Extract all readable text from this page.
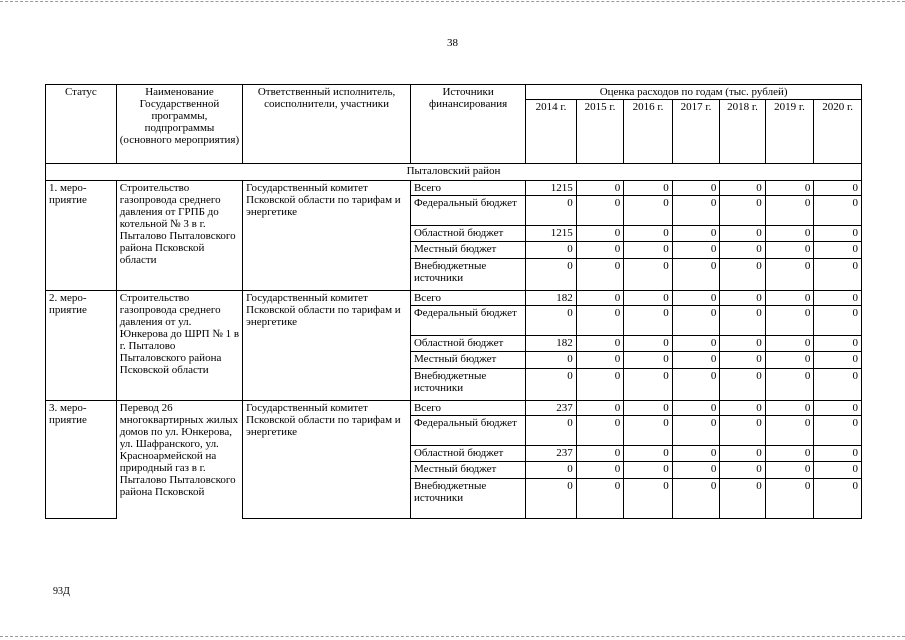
38
Статус	Наименование Государственной программы, подпрограммы (основного мероприятия)	Ответственный исполнитель, соисполнители, участники	Источники финансирования	Оценка расходов по годам (тыс. рублей)						
				2014 г.	2015 г.	2016 г.	2017 г.	2018 г.	2019 г.	2020 г.
Пыталовский район										
1. меро-приятие	Строительство газопровода среднего давления от ГРПБ до котельной № 3 в г. Пыталово Пыталовского района Псковской области	Государственный комитет Псковской области по тарифам и энергетике	Всего	1215	0	0	0	0	0	0
			Федеральный бюджет	0	0	0	0	0	0	0
			Областной бюджет	1215	0	0	0	0	0	0
			Местный бюджет	0	0	0	0	0	0	0
			Внебюджетные источники	0	0	0	0	0	0	0
2. меро-приятие	Строительство газопровода среднего давления от ул. Юнкерова до ШРП № 1 в г. Пыталово Пыталовского района Псковской области	Государственный комитет Псковской области по тарифам и энергетике	Всего	182	0	0	0	0	0	0
			Федеральный бюджет	0	0	0	0	0	0	0
			Областной бюджет	182	0	0	0	0	0	0
			Местный бюджет	0	0	0	0	0	0	0
			Внебюджетные источники	0	0	0	0	0	0	0
3. меро-приятие	Перевод 26 многоквартирных жилых домов по ул. Юнкерова, ул. Шафранского, ул. Красноармейской на природный газ в г. Пыталово Пыталовского района Псковской	Государственный комитет Псковской области по тарифам и энергетике	Всего	237	0	0	0	0	0	0
			Федеральный бюджет	0	0	0	0	0	0	0
			Областной бюджет	237	0	0	0	0	0	0
			Местный бюджет	0	0	0	0	0	0	0
			Внебюджетные источники	0	0	0	0	0	0	0
93Д
